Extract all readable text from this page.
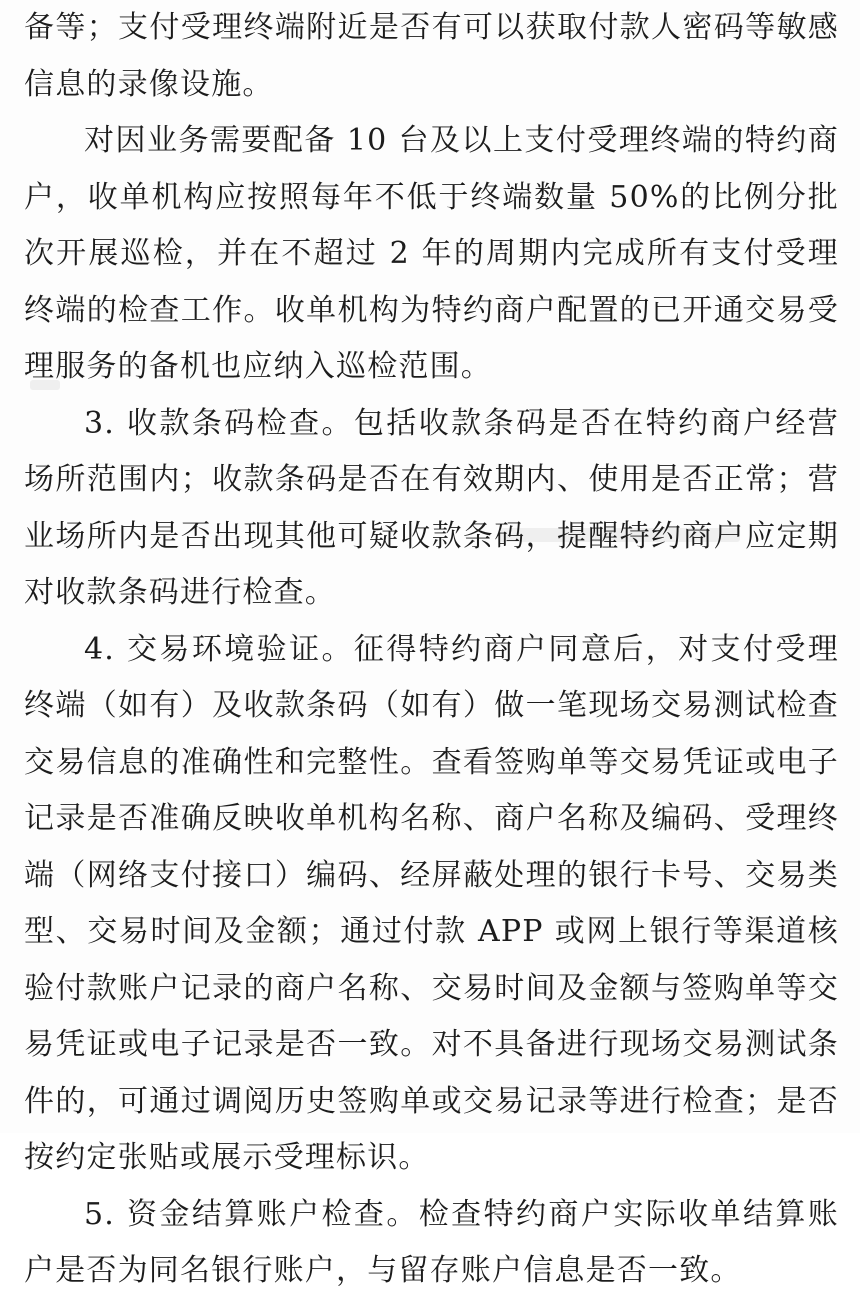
备等；支付受理终端附近是否有可以获取付款人密码等敏感信息的录像设施。

对因业务需要配备 10 台及以上支付受理终端的特约商户，收单机构应按照每年不低于终端数量 50%的比例分批次开展巡检，并在不超过 2 年的周期内完成所有支付受理终端的检查工作。收单机构为特约商户配置的已开通交易受理服务的备机也应纳入巡检范围。

3. 收款条码检查。包括收款条码是否在特约商户经营场所范围内；收款条码是否在有效期内、使用是否正常；营业场所内是否出现其他可疑收款条码，提醒特约商户应定期对收款条码进行检查。

4. 交易环境验证。征得特约商户同意后，对支付受理终端（如有）及收款条码（如有）做一笔现场交易测试检查交易信息的准确性和完整性。查看签购单等交易凭证或电子记录是否准确反映收单机构名称、商户名称及编码、受理终端（网络支付接口）编码、经屏蔽处理的银行卡号、交易类型、交易时间及金额；通过付款 APP 或网上银行等渠道核验付款账户记录的商户名称、交易时间及金额与签购单等交易凭证或电子记录是否一致。对不具备进行现场交易测试条件的，可通过调阅历史签购单或交易记录等进行检查；是否按约定张贴或展示受理标识。

5. 资金结算账户检查。检查特约商户实际收单结算账户是否为同名银行账户，与留存账户信息是否一致。
